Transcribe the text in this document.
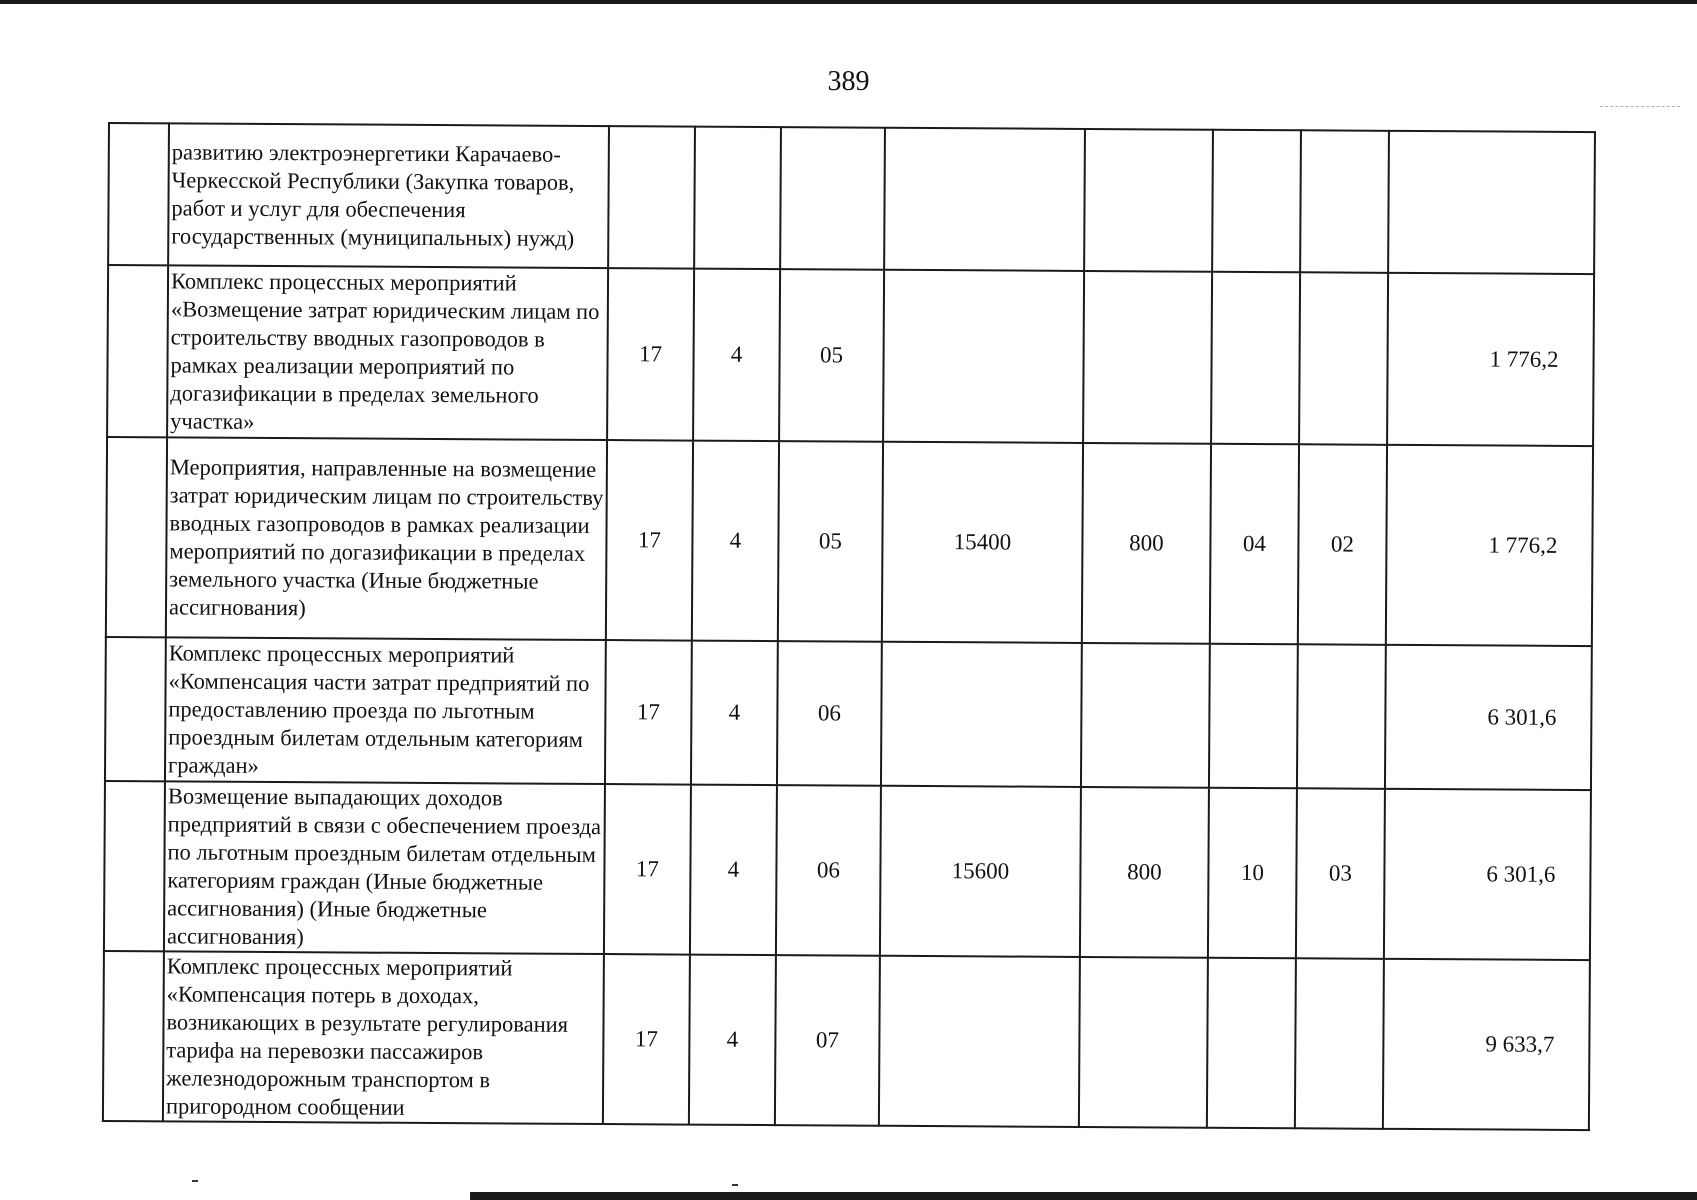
389
	развитию электроэнергетики Карачаево-Черкесской Республики (Закупка товаров, работ и услуг для обеспечения государственных (муниципальных) нужд)								
	Комплекс процессных мероприятий «Возмещение затрат юридическим лицам по строительству вводных газопроводов в рамках реализации мероприятий по догазификации в пределах земельного участка»	17	4	05					1 776,2
	Мероприятия, направленные на возмещение затрат юридическим лицам по строительству вводных газопроводов в рамках реализации мероприятий по догазификации в пределах земельного участка (Иные бюджетные ассигнования)	17	4	05	15400	800	04	02	1 776,2
	Комплекс процессных мероприятий «Компенсация части затрат предприятий по предоставлению проезда по льготным проездным билетам отдельным категориям граждан»	17	4	06					6 301,6
	Возмещение выпадающих доходов предприятий в связи с обеспечением проезда по льготным проездным билетам отдельным категориям граждан (Иные бюджетные ассигнования) (Иные бюджетные ассигнования)	17	4	06	15600	800	10	03	6 301,6
	Комплекс процессных мероприятий «Компенсация потерь в доходах, возникающих в результате регулирования тарифа на перевозки пассажиров железнодорожным транспортом в пригородном сообщении	17	4	07					9 633,7
